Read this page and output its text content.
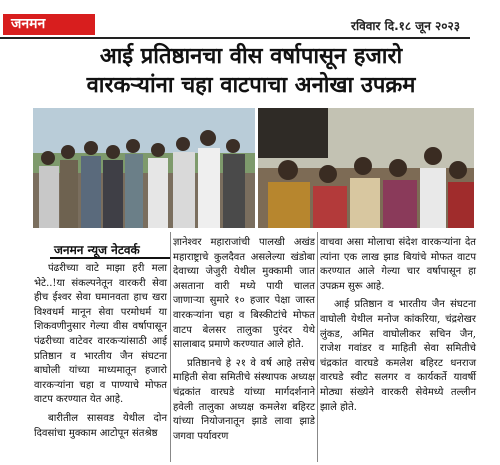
जनमन	रविवार दि.१८ जून २०२३
आई प्रतिष्ठानचा वीस वर्षापासून हजारो
वारकऱ्यांना चहा वाटपाचा अनोखा उपक्रम
जनमन न्यूज नेटवर्क

पंढरीच्या वाटे माझा हरी मला भेटे..!या संकल्पनेतून वारकरी सेवा हीच ईश्वर सेवा घमानवता हाच खरा विश्वधर्म मानून सेवा परमोधर्म या शिकवणीनुसार गेल्या वीस वर्षापासून पंढरीच्या वाटेवर वारकऱ्यांसाठी आई प्रतिष्ठान व भारतीय जैन संघटना बाघोली यांच्या माध्यमातून हजारो वारकऱ्यांना चहा व पाण्याचे मोफत वाटप करण्यात येत आहे.

बारीतील सासवड येथील दोन दिवसांचा मुक्काम आटोपून संतश्रेष्ठ

ज्ञानेश्वर महाराजांची पालखी अखंड महाराष्ट्राचे कुलदैवत असलेल्या खंडोबा देवाच्या जेजुरी येथील मुक्कामी जात असताना वारी मध्ये पायी चालत जाणाऱ्या सुमारे १० हजार पेक्षा जास्त वारकऱ्यांना चहा व बिस्कीटांचे मोफत वाटप बेलसर तालुका पुरंदर येथे सालाबाद प्रमाणे करण्यात आले होते.

प्रतिष्ठानचे हे २१ वे वर्ष आहे तसेच माहिती सेवा समितीचे संस्थापक अध्यक्ष चंद्रकांत वारघडे यांच्या मार्गदर्शनाने हवेली तालुका अध्यक्ष कमलेश बहिरट यांच्या नियोजनातून झाडे लावा झाडे जगवा पर्यावरण

वाचवा असा मोलाचा संदेश वारकऱ्यांना देत त्यांना एक लाख झाड बियांचे मोफत वाटप करण्यात आले गेल्या चार वर्षापासून हा उपक्रम सुरू आहे.

आई प्रतिष्ठान व भारतीय जैन संघटना वाघोली येथील मनोज कांकरिया, चंद्रशेखर लुंकड, अमित वाघोलीकर सचिन जैन, राजेश गवांडर व माहिती सेवा समितीचे चंद्रकांत वारघडे कमलेश बहिरट धनराज वारघडे स्वीट सलगर व कार्यकर्ते यावर्षी मोठ्या संख्येने वारकरी सेवेमध्ये तल्लीन झाले होते.
